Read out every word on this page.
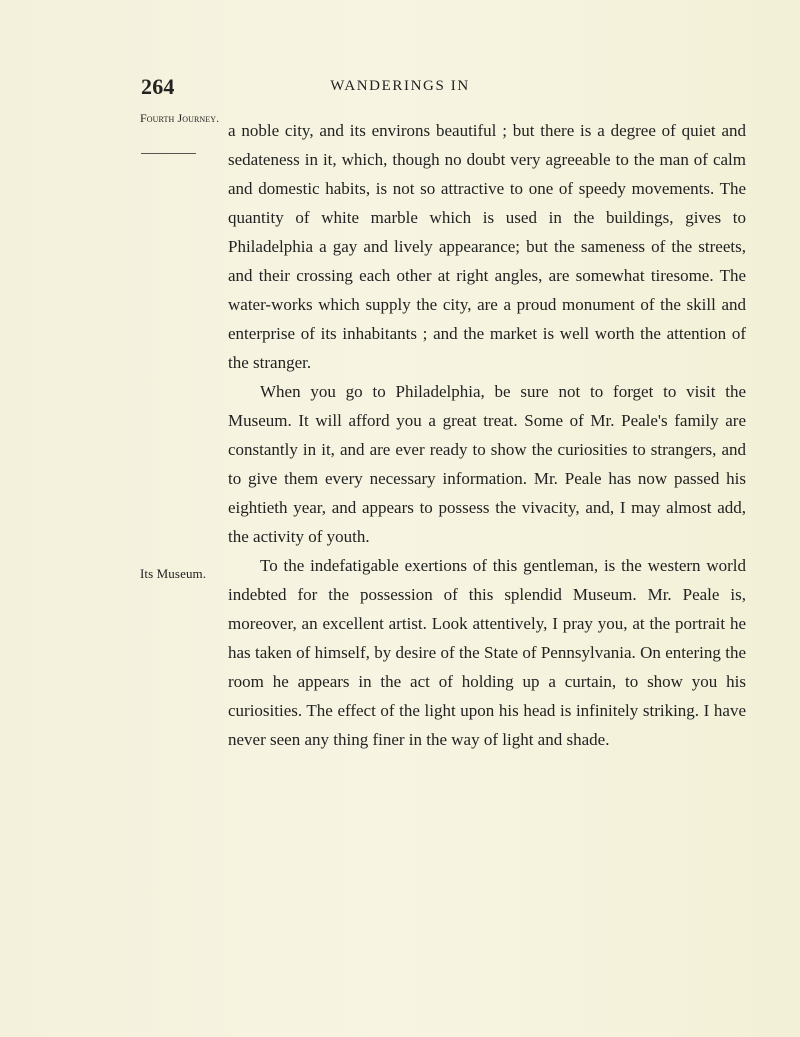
264	WANDERINGS IN
Fourth Journey.
Its Museum.

a noble city, and its environs beautiful ; but there is a degree of quiet and sedateness in it, which, though no doubt very agreeable to the man of calm and domestic habits, is not so attractive to one of speedy movements. The quantity of white marble which is used in the buildings, gives to Philadelphia a gay and lively appearance; but the sameness of the streets, and their crossing each other at right angles, are somewhat tiresome. The water-works which supply the city, are a proud monument of the skill and enterprise of its inhabitants ; and the market is well worth the attention of the stranger.

When you go to Philadelphia, be sure not to forget to visit the Museum. It will afford you a great treat. Some of Mr. Peale's family are constantly in it, and are ever ready to show the curiosities to strangers, and to give them every necessary information. Mr. Peale has now passed his eightieth year, and appears to possess the vivacity, and, I may almost add, the activity of youth.

To the indefatigable exertions of this gentleman, is the western world indebted for the possession of this splendid Museum. Mr. Peale is, moreover, an excellent artist. Look attentively, I pray you, at the portrait he has taken of himself, by desire of the State of Pennsylvania. On entering the room he appears in the act of holding up a curtain, to show you his curiosities. The effect of the light upon his head is infinitely striking. I have never seen any thing finer in the way of light and shade.
